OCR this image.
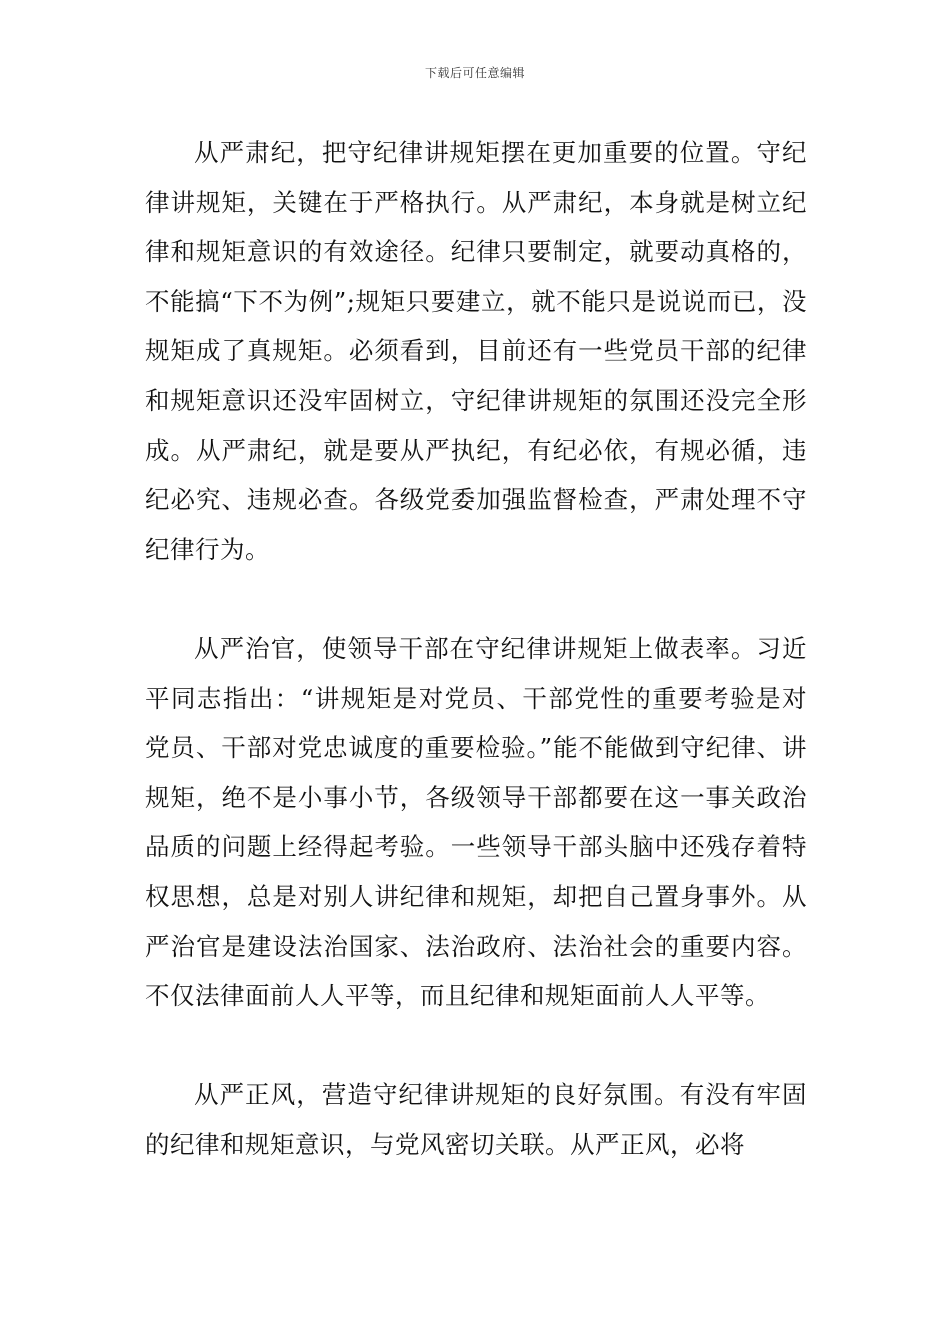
下载后可任意编辑

从严肃纪，把守纪律讲规矩摆在更加重要的位置。守纪律讲规矩，关键在于严格执行。从严肃纪，本身就是树立纪律和规矩意识的有效途径。纪律只要制定，就要动真格的，不能搞“下不为例”;规矩只要建立，就不能只是说说而已，没规矩成了真规矩。必须看到，目前还有一些党员干部的纪律和规矩意识还没牢固树立，守纪律讲规矩的氛围还没完全形成。从严肃纪，就是要从严执纪，有纪必依，有规必循，违纪必究、违规必查。各级党委加强监督检查，严肃处理不守纪律行为。

从严治官，使领导干部在守纪律讲规矩上做表率。习近平同志指出：“讲规矩是对党员、干部党性的重要考验是对党员、干部对党忠诚度的重要检验。”能不能做到守纪律、讲规矩，绝不是小事小节，各级领导干部都要在这一事关政治品质的问题上经得起考验。一些领导干部头脑中还残存着特权思想，总是对别人讲纪律和规矩，却把自己置身事外。从严治官是建设法治国家、法治政府、法治社会的重要内容。不仅法律面前人人平等，而且纪律和规矩面前人人平等。

从严正风，营造守纪律讲规矩的良好氛围。有没有牢固的纪律和规矩意识，与党风密切关联。从严正风，必将
